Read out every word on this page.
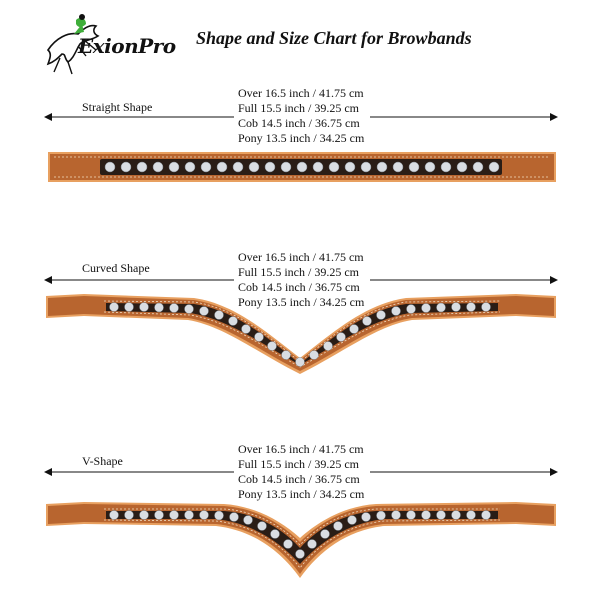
ExionPro Shape and Size Chart for Browbands
Straight Shape
Over 16.5 inch / 41.75 cm
Full 15.5 inch / 39.25 cm
Cob 14.5 inch / 36.75 cm
Pony 13.5 inch / 34.25 cm
Curved Shape
Over 16.5 inch / 41.75 cm
Full 15.5 inch / 39.25 cm
Cob 14.5 inch / 36.75 cm
Pony 13.5 inch / 34.25 cm
V-Shape
Over 16.5 inch / 41.75 cm
Full 15.5 inch / 39.25 cm
Cob 14.5 inch / 36.75 cm
Pony 13.5 inch / 34.25 cm
